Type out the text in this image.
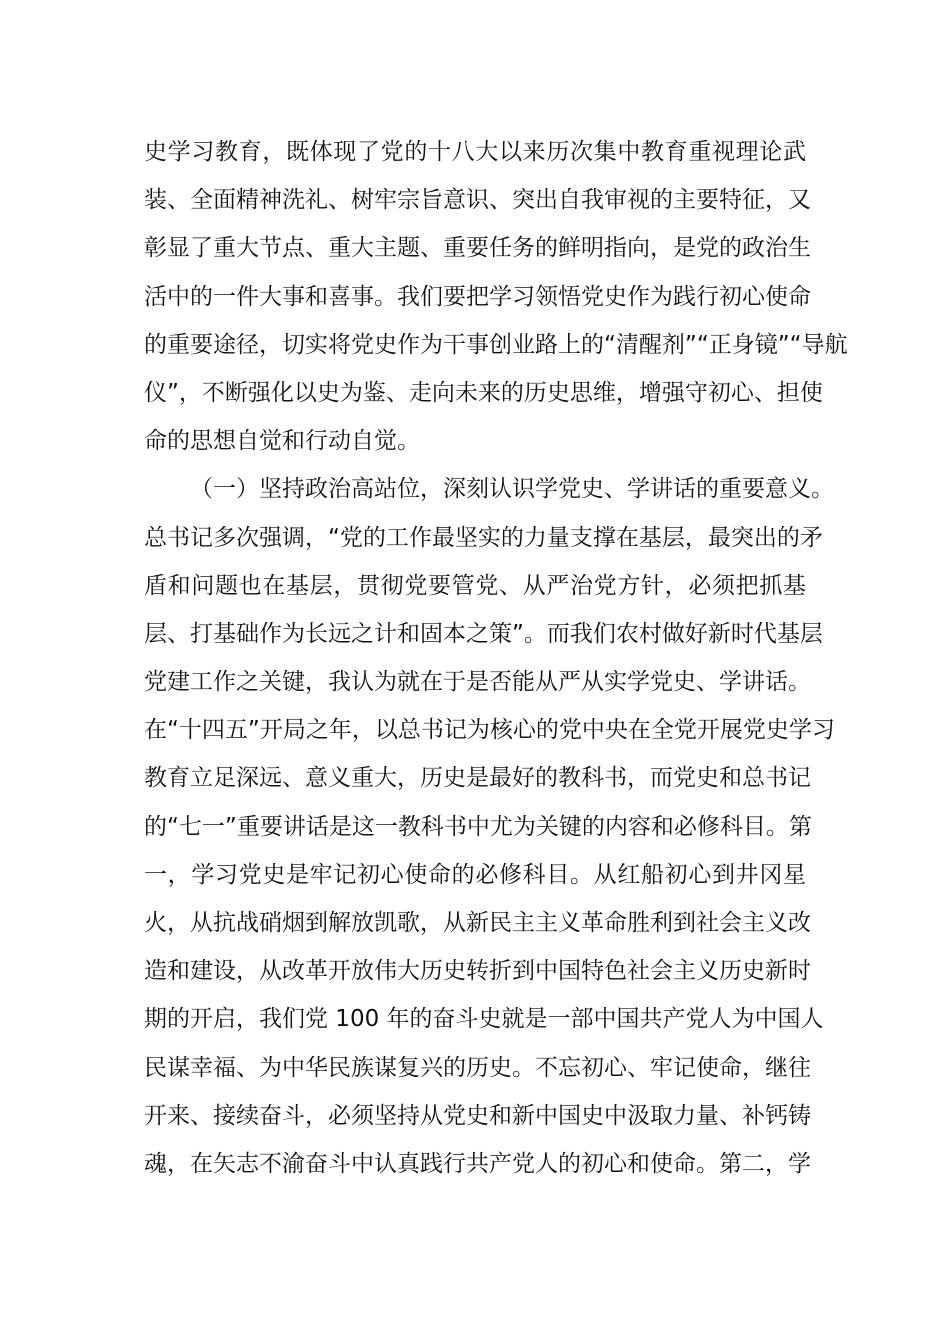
史学习教育，既体现了党的十八大以来历次集中教育重视理论武
装、全面精神洗礼、树牢宗旨意识、突出自我审视的主要特征，又
彰显了重大节点、重大主题、重要任务的鲜明指向，是党的政治生
活中的一件大事和喜事。我们要把学习领悟党史作为践行初心使命
的重要途径，切实将党史作为干事创业路上的“清醒剂”“正身镜”“导航
仪”，不断强化以史为鉴、走向未来的历史思维，增强守初心、担使
命的思想自觉和行动自觉。
（一）坚持政治高站位，深刻认识学党史、学讲话的重要意义。
总书记多次强调，“党的工作最坚实的力量支撑在基层，最突出的矛
盾和问题也在基层，贯彻党要管党、从严治党方针，必须把抓基
层、打基础作为长远之计和固本之策”。而我们农村做好新时代基层
党建工作之关键，我认为就在于是否能从严从实学党史、学讲话。
在“十四五”开局之年，以总书记为核心的党中央在全党开展党史学习
教育立足深远、意义重大，历史是最好的教科书，而党史和总书记
的“七一”重要讲话是这一教科书中尤为关键的内容和必修科目。第
一，学习党史是牢记初心使命的必修科目。从红船初心到井冈星
火，从抗战硝烟到解放凯歌，从新民主主义革命胜利到社会主义改
造和建设，从改革开放伟大历史转折到中国特色社会主义历史新时
期的开启，我们党 100 年的奋斗史就是一部中国共产党人为中国人
民谋幸福、为中华民族谋复兴的历史。不忘初心、牢记使命，继往
开来、接续奋斗，必须坚持从党史和新中国史中汲取力量、补钙铸
魂，在矢志不渝奋斗中认真践行共产党人的初心和使命。第二，学
